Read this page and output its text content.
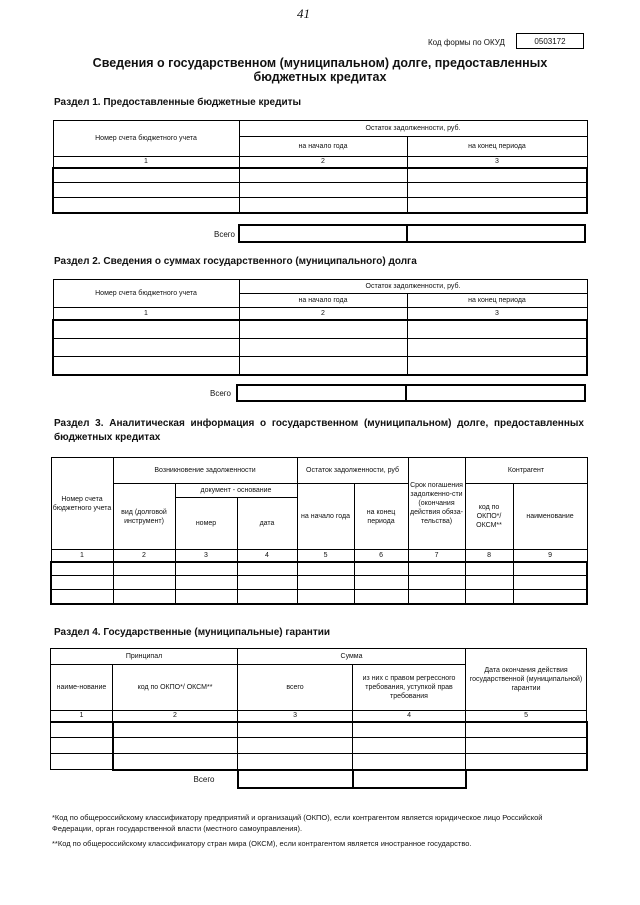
41
Код формы по ОКУД	0503172
Сведения о государственном (муниципальном) долге, предоставленных бюджетных кредитах
Раздел 1. Предоставленные бюджетные кредиты
Номер счета бюджетного учета	Остаток задолженности, руб.	
	на начало года	на конец периода
1	2	3

Всего
Раздел 2. Сведения о суммах государственного (муниципального) долга
Номер счета бюджетного учета	Остаток задолженности, руб.	
	на начало года	на конец периода
1	2	3

Всего
Раздел 3. Аналитическая информация о государственном (муниципальном) долге, предоставленных бюджетных кредитах
Номер счета бюджетного учета	Возникновение задолженности			Остаток задолженности, руб		Срок погашения задолженно-сти (окончания действия обяза-тельства)	Контрагент	
	вид (долговой инструмент)	документ - основание		на начало года	на конец периода		код по ОКПО*/ ОКСМ**	наименование
		номер	дата					
1	2	3	4	5	6	7	8	9

Раздел 4. Государственные (муниципальные) гарантии
Принципал		Сумма		Дата окончания действия государственной (муниципальной) гарантии
наиме-нование	код по ОКПО*/ ОКСМ**	всего	из них с правом регрессного требования, уступкой прав требования	
1	2	3	4	5

	Всего			
*Код по общероссийскому классификатору предприятий и организаций (ОКПО), если контрагентом является юридическое лицо Российской Федерации, орган государственной власти (местного самоуправления).
**Код по общероссийскому классификатору стран мира (ОКСМ), если контрагентом является иностранное государство.
